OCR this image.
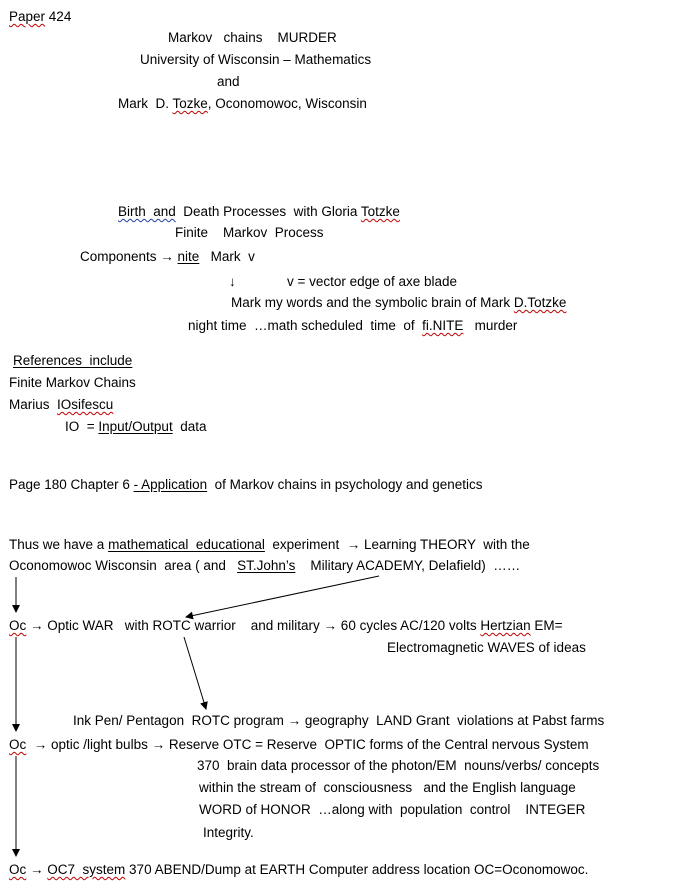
Paper 424
Markov   chains    MURDER
University of Wisconsin – Mathematics
and
Mark  D. Tozke, Oconomowoc, Wisconsin
Birth  and  Death Processes  with Gloria Totzke
Finite    Markov  Process
Components → nite   Mark  v
↓	v = vector edge of axe blade
Mark my words and the symbolic brain of Mark D.Totzke
night time  …math scheduled  time  of  fi.NITE   murder
References  include
Finite Markov Chains
Marius  IOsifescu
IO  = Input/Output  data
Page 180 Chapter 6 - Application  of Markov chains in psychology and genetics
Thus we have a mathematical  educational  experiment  → Learning THEORY  with the
Oconomowoc Wisconsin  area ( and   ST.John’s    Military ACADEMY, Delafield)  ……
Oc → Optic WAR   with ROTC warrior    and military → 60 cycles AC/120 volts Hertzian EM=
Electromagnetic WAVES of ideas
Ink Pen/ Pentagon  ROTC program → geography  LAND Grant  violations at Pabst farms
Oc  → optic /light bulbs → Reserve OTC = Reserve  OPTIC forms of the Central nervous System
370  brain data processor of the photon/EM  nouns/verbs/ concepts
within the stream of  consciousness   and the English language
WORD of HONOR  …along with  population  control    INTEGER
Integrity.
Oc → OC7  system 370 ABEND/Dump at EARTH Computer address location OC=Oconomowoc.
